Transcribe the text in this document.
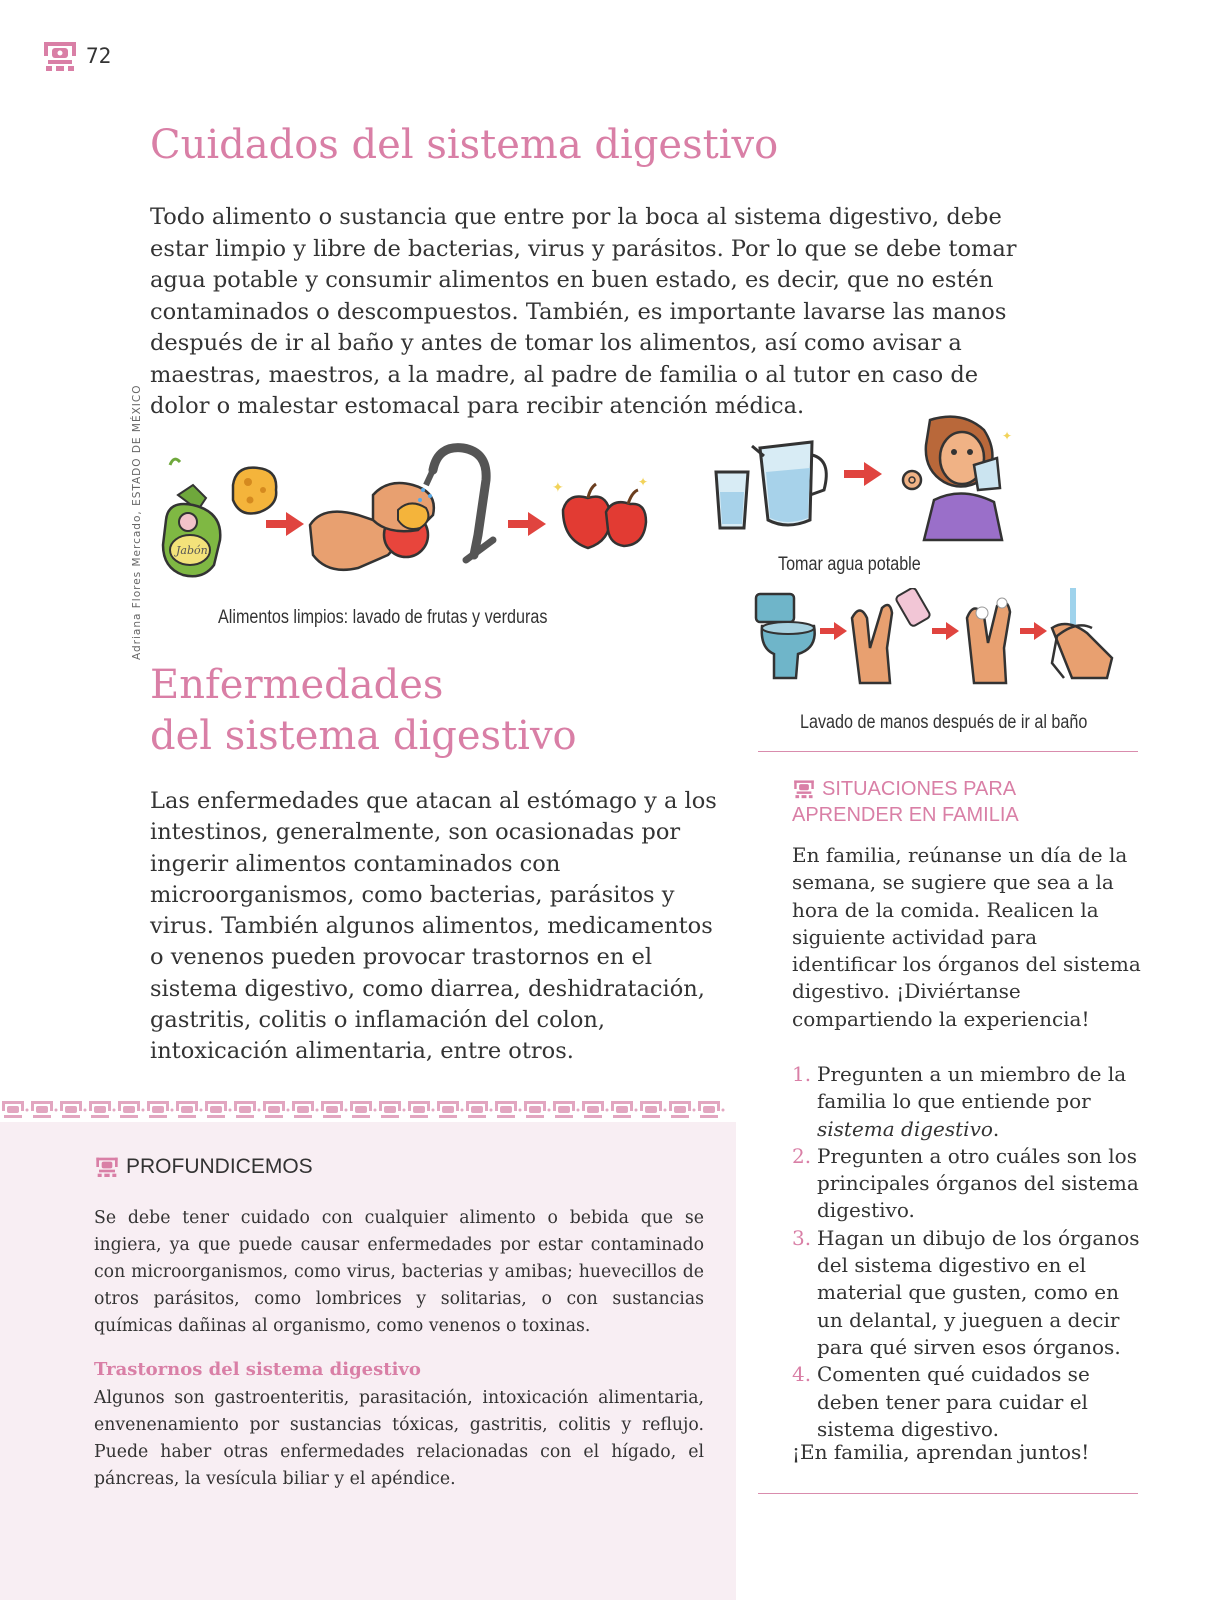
72
Cuidados del sistema digestivo

Todo alimento o sustancia que entre por la boca al sistema digestivo, debe estar limpio y libre de bacterias, virus y parásitos. Por lo que se debe tomar agua potable y consumir alimentos en buen estado, es decir, que no estén contaminados o descompuestos. También, es importante lavarse las manos después de ir al baño y antes de tomar los alimentos, así como avisar a maestras, maestros, a la madre, al padre de familia o al tutor en caso de dolor o malestar estomacal para recibir atención médica.

Adriana Flores Mercado, ESTADO DE MÉXICO	Jabón
✦	✦
Alimentos limpios: lavado de frutas y verduras
✦
Tomar agua potable
Lavado de manos después de ir al baño
Enfermedades
del sistema digestivo

Las enfermedades que atacan al estómago y a los intestinos, generalmente, son ocasionadas por ingerir alimentos contaminados con microorganismos, como bacterias, parásitos y virus. También algunos alimentos, medicamentos o venenos pueden provocar trastornos en el sistema digestivo, como diarrea, deshidratación, gastritis, colitis o inflamación del colon, intoxicación alimentaria, entre otros.

PROFUNDICEMOS

Se debe tener cuidado con cualquier alimento o bebida que se ingiera, ya que puede causar enfermedades por estar contaminado con microorganismos, como virus, bacterias y amibas; huevecillos de otros parásitos, como lombrices y solitarias, o con sustancias químicas dañinas al organismo, como venenos o toxinas.

Trastornos del sistema digestivo

Algunos son gastroenteritis, parasitación, intoxicación alimentaria, envenenamiento por sustancias tóxicas, gastritis, colitis y reflujo. Puede haber otras enfermedades relacionadas con el hígado, el páncreas, la vesícula biliar y el apéndice.

SITUACIONES PARA
APRENDER EN FAMILIA

En familia, reúnanse un día de la semana, se sugiere que sea a la hora de la comida. Realicen la siguiente actividad para identificar los órganos del sistema digestivo. ¡Diviértanse compartiendo la experiencia!

1. Pregunten a un miembro de la familia lo que entiende por sistema digestivo.
2. Pregunten a otro cuáles son los principales órganos del sistema digestivo.
3. Hagan un dibujo de los órganos del sistema digestivo en el material que gusten, como en un delantal, y jueguen a decir para qué sirven esos órganos.
4. Comenten qué cuidados se deben tener para cuidar el sistema digestivo.
¡En familia, aprendan juntos!
